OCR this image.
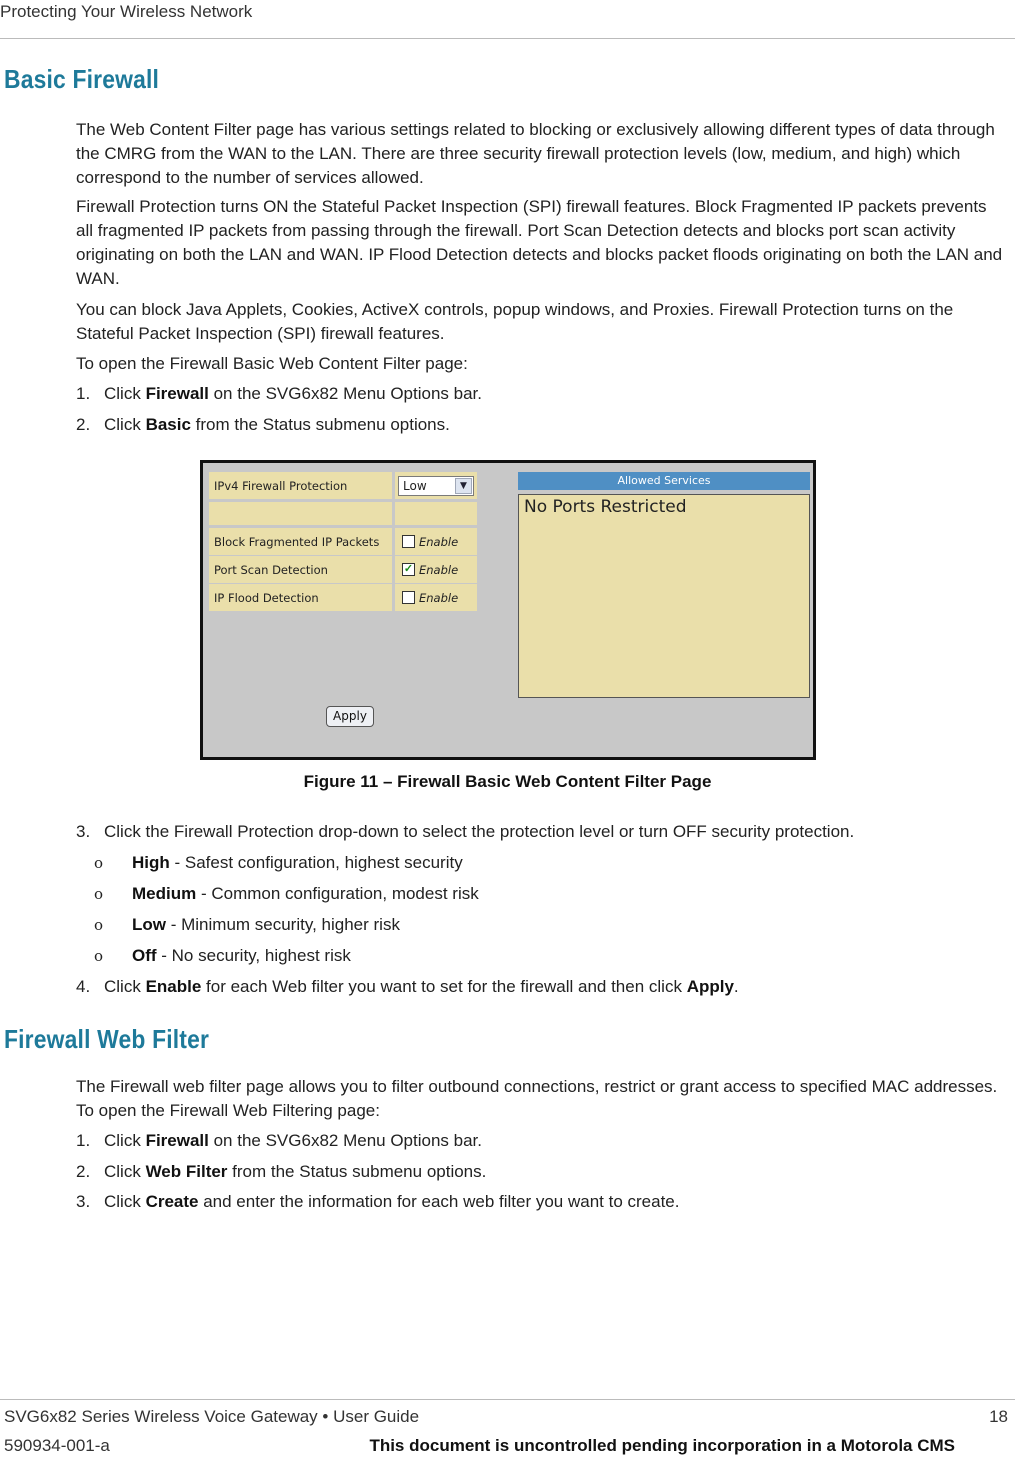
Protecting Your Wireless Network
Basic Firewall
The Web Content Filter page has various settings related to blocking or exclusively allowing different types of data through the CMRG from the WAN to the LAN. There are three security firewall protection levels (low, medium, and high) which correspond to the number of services allowed.
Firewall Protection turns ON the Stateful Packet Inspection (SPI) firewall features. Block Fragmented IP packets prevents all fragmented IP packets from passing through the firewall. Port Scan Detection detects and blocks port scan activity originating on both the LAN and WAN. IP Flood Detection detects and blocks packet floods originating on both the LAN and WAN.
You can block Java Applets, Cookies, ActiveX controls, popup windows, and Proxies. Firewall Protection turns on the Stateful Packet Inspection (SPI) firewall features.
To open the Firewall Basic Web Content Filter page:
1. Click Firewall on the SVG6x82 Menu Options bar.
2. Click Basic from the Status submenu options.
IPv4 Firewall Protection	Low	▼
Block Fragmented IP Packets	Enable
Port Scan Detection	✓ Enable
IP Flood Detection	Enable
Allowed Services
No Ports Restricted
Apply
Figure 11 – Firewall Basic Web Content Filter Page
3. Click the Firewall Protection drop-down to select the protection level or turn OFF security protection.
o High - Safest configuration, highest security
o Medium - Common configuration, modest risk
o Low - Minimum security, higher risk
o Off - No security, highest risk
4. Click Enable for each Web filter you want to set for the firewall and then click Apply.
Firewall Web Filter
The Firewall web filter page allows you to filter outbound connections, restrict or grant access to specified MAC addresses. To open the Firewall Web Filtering page:
1. Click Firewall on the SVG6x82 Menu Options bar.
2. Click Web Filter from the Status submenu options.
3. Click Create and enter the information for each web filter you want to create.
SVG6x82 Series Wireless Voice Gateway • User Guide	18
590934-001-a	This document is uncontrolled pending incorporation in a Motorola CMS
